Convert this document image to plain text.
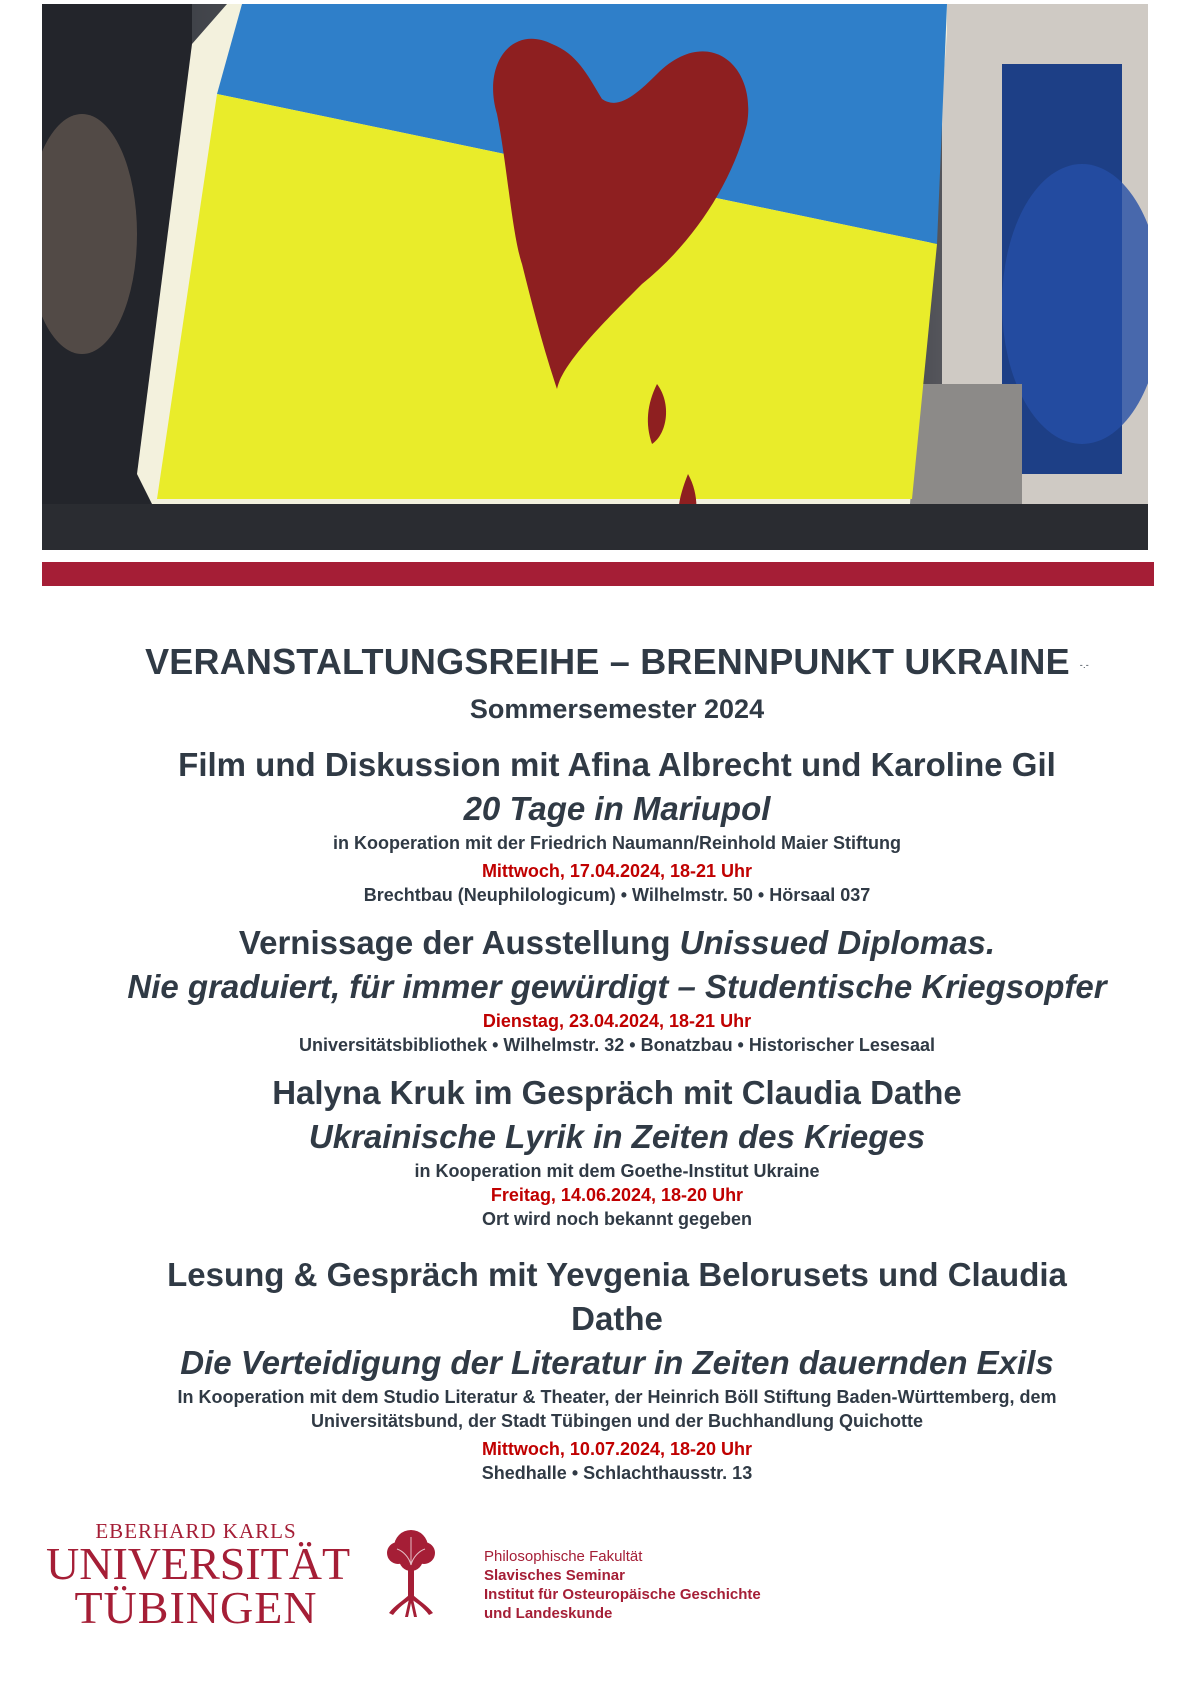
VERANSTALTUNGSREIHE – BRENNPUNKT UKRAINE -.-
Sommersemester 2024
Film und Diskussion mit Afina Albrecht und Karoline Gil
20 Tage in Mariupol
in Kooperation mit der Friedrich Naumann/Reinhold Maier Stiftung
Mittwoch, 17.04.2024, 18-21 Uhr
Brechtbau (Neuphilologicum) • Wilhelmstr. 50 • Hörsaal 037
Vernissage der Ausstellung Unissued Diplomas.
Nie graduiert, für immer gewürdigt – Studentische Kriegsopfer
Dienstag, 23.04.2024, 18-21 Uhr
Universitätsbibliothek • Wilhelmstr. 32 • Bonatzbau • Historischer Lesesaal
Halyna Kruk im Gespräch mit Claudia Dathe
Ukrainische Lyrik in Zeiten des Krieges
in Kooperation mit dem Goethe-Institut Ukraine
Freitag, 14.06.2024, 18-20 Uhr
Ort wird noch bekannt gegeben
Lesung & Gespräch mit Yevgenia Belorusets und Claudia
Dathe
Die Verteidigung der Literatur in Zeiten dauernden Exils
In Kooperation mit dem Studio Literatur & Theater, der Heinrich Böll Stiftung Baden-Württemberg, dem
Universitätsbund, der Stadt Tübingen und der Buchhandlung Quichotte
Mittwoch, 10.07.2024, 18-20 Uhr
Shedhalle • Schlachthausstr. 13
EBERHARD KARLS
UNIVERSITÄT
TÜBINGEN
Philosophische Fakultät
Slavisches Seminar
Institut für Osteuropäische Geschichte
und Landeskunde
